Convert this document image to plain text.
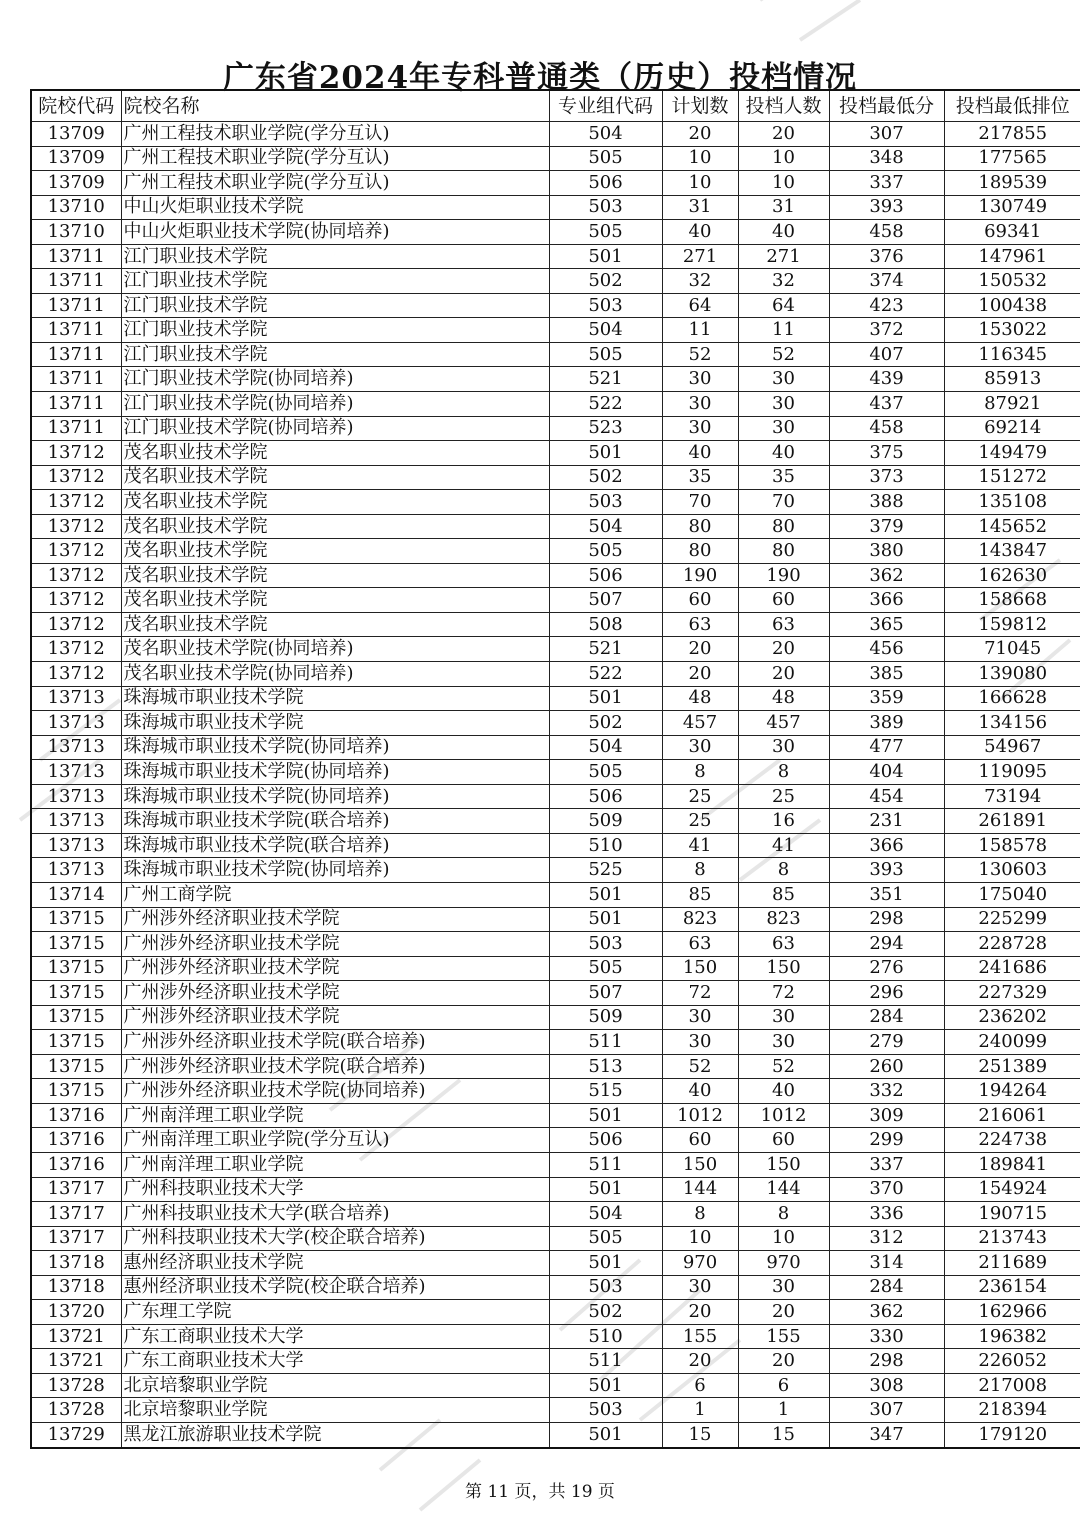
广东省2024年专科普通类（历史）投档情况
院校代码	院校名称	专业组代码	计划数	投档人数	投档最低分	投档最低排位
13709	广州工程技术职业学院(学分互认)	504	20	20	307	217855
13709	广州工程技术职业学院(学分互认)	505	10	10	348	177565
13709	广州工程技术职业学院(学分互认)	506	10	10	337	189539
13710	中山火炬职业技术学院	503	31	31	393	130749
13710	中山火炬职业技术学院(协同培养)	505	40	40	458	69341
13711	江门职业技术学院	501	271	271	376	147961
13711	江门职业技术学院	502	32	32	374	150532
13711	江门职业技术学院	503	64	64	423	100438
13711	江门职业技术学院	504	11	11	372	153022
13711	江门职业技术学院	505	52	52	407	116345
13711	江门职业技术学院(协同培养)	521	30	30	439	85913
13711	江门职业技术学院(协同培养)	522	30	30	437	87921
13711	江门职业技术学院(协同培养)	523	30	30	458	69214
13712	茂名职业技术学院	501	40	40	375	149479
13712	茂名职业技术学院	502	35	35	373	151272
13712	茂名职业技术学院	503	70	70	388	135108
13712	茂名职业技术学院	504	80	80	379	145652
13712	茂名职业技术学院	505	80	80	380	143847
13712	茂名职业技术学院	506	190	190	362	162630
13712	茂名职业技术学院	507	60	60	366	158668
13712	茂名职业技术学院	508	63	63	365	159812
13712	茂名职业技术学院(协同培养)	521	20	20	456	71045
13712	茂名职业技术学院(协同培养)	522	20	20	385	139080
13713	珠海城市职业技术学院	501	48	48	359	166628
13713	珠海城市职业技术学院	502	457	457	389	134156
13713	珠海城市职业技术学院(协同培养)	504	30	30	477	54967
13713	珠海城市职业技术学院(协同培养)	505	8	8	404	119095
13713	珠海城市职业技术学院(协同培养)	506	25	25	454	73194
13713	珠海城市职业技术学院(联合培养)	509	25	16	231	261891
13713	珠海城市职业技术学院(联合培养)	510	41	41	366	158578
13713	珠海城市职业技术学院(协同培养)	525	8	8	393	130603
13714	广州工商学院	501	85	85	351	175040
13715	广州涉外经济职业技术学院	501	823	823	298	225299
13715	广州涉外经济职业技术学院	503	63	63	294	228728
13715	广州涉外经济职业技术学院	505	150	150	276	241686
13715	广州涉外经济职业技术学院	507	72	72	296	227329
13715	广州涉外经济职业技术学院	509	30	30	284	236202
13715	广州涉外经济职业技术学院(联合培养)	511	30	30	279	240099
13715	广州涉外经济职业技术学院(联合培养)	513	52	52	260	251389
13715	广州涉外经济职业技术学院(协同培养)	515	40	40	332	194264
13716	广州南洋理工职业学院	501	1012	1012	309	216061
13716	广州南洋理工职业学院(学分互认)	506	60	60	299	224738
13716	广州南洋理工职业学院	511	150	150	337	189841
13717	广州科技职业技术大学	501	144	144	370	154924
13717	广州科技职业技术大学(联合培养)	504	8	8	336	190715
13717	广州科技职业技术大学(校企联合培养)	505	10	10	312	213743
13718	惠州经济职业技术学院	501	970	970	314	211689
13718	惠州经济职业技术学院(校企联合培养)	503	30	30	284	236154
13720	广东理工学院	502	20	20	362	162966
13721	广东工商职业技术大学	510	155	155	330	196382
13721	广东工商职业技术大学	511	20	20	298	226052
13728	北京培黎职业学院	501	6	6	308	217008
13728	北京培黎职业学院	503	1	1	307	218394
13729	黑龙江旅游职业技术学院	501	15	15	347	179120
第 11 页，共 19 页
